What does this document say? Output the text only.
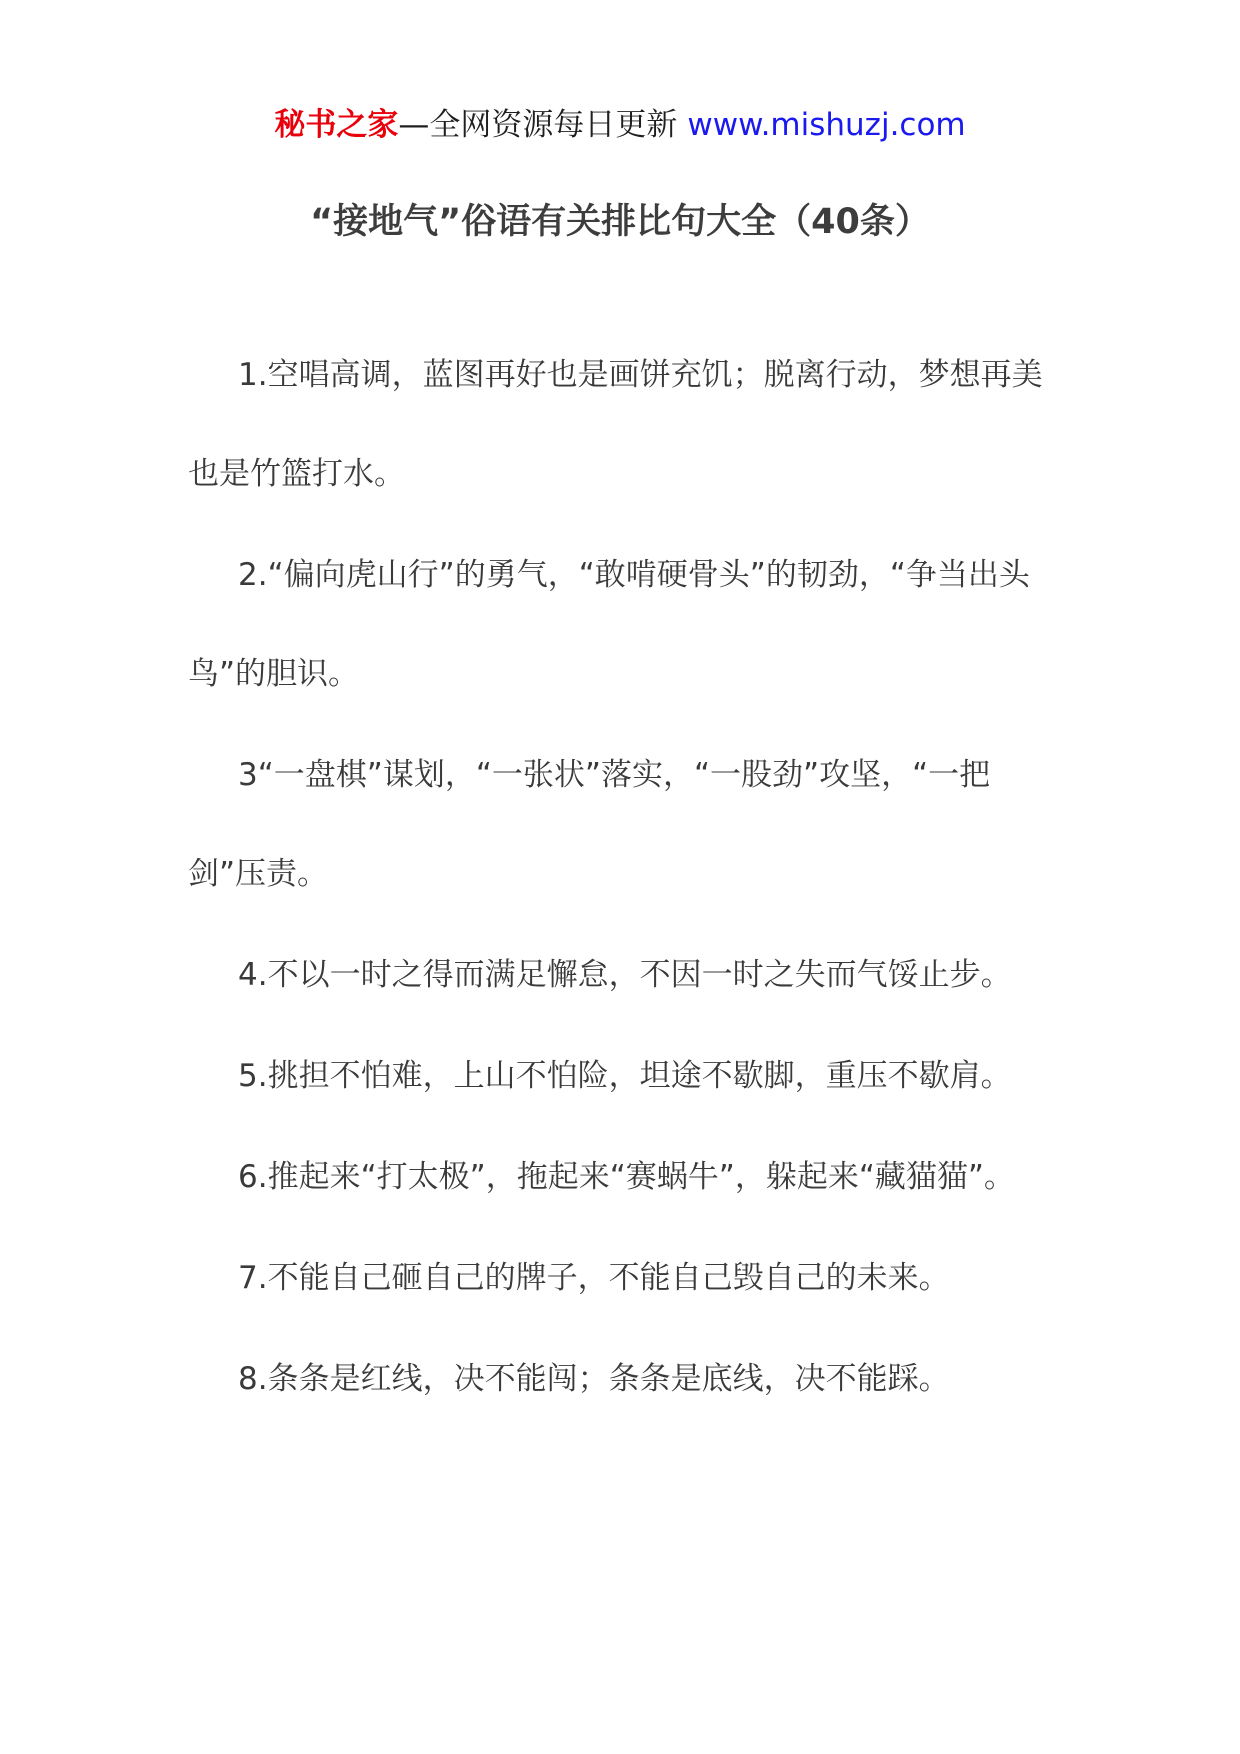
秘书之家—全网资源每日更新 www.mishuzj.com
“接地气”俗语有关排比句大全（40条）

1.空唱高调，蓝图再好也是画饼充饥；脱离行动，梦想再美也是竹篮打水。

2.“偏向虎山行”的勇气，“敢啃硬骨头”的韧劲，“争当出头鸟”的胆识。

3“一盘棋”谋划，“一张状”落实，“一股劲”攻坚，“一把剑”压责。

4.不以一时之得而满足懈怠，不因一时之失而气馁止步。

5.挑担不怕难，上山不怕险，坦途不歇脚，重压不歇肩。

6.推起来“打太极”，拖起来“赛蜗牛”，躲起来“藏猫猫”。

7.不能自己砸自己的牌子，不能自己毁自己的未来。

8.条条是红线，决不能闯；条条是底线，决不能踩。
